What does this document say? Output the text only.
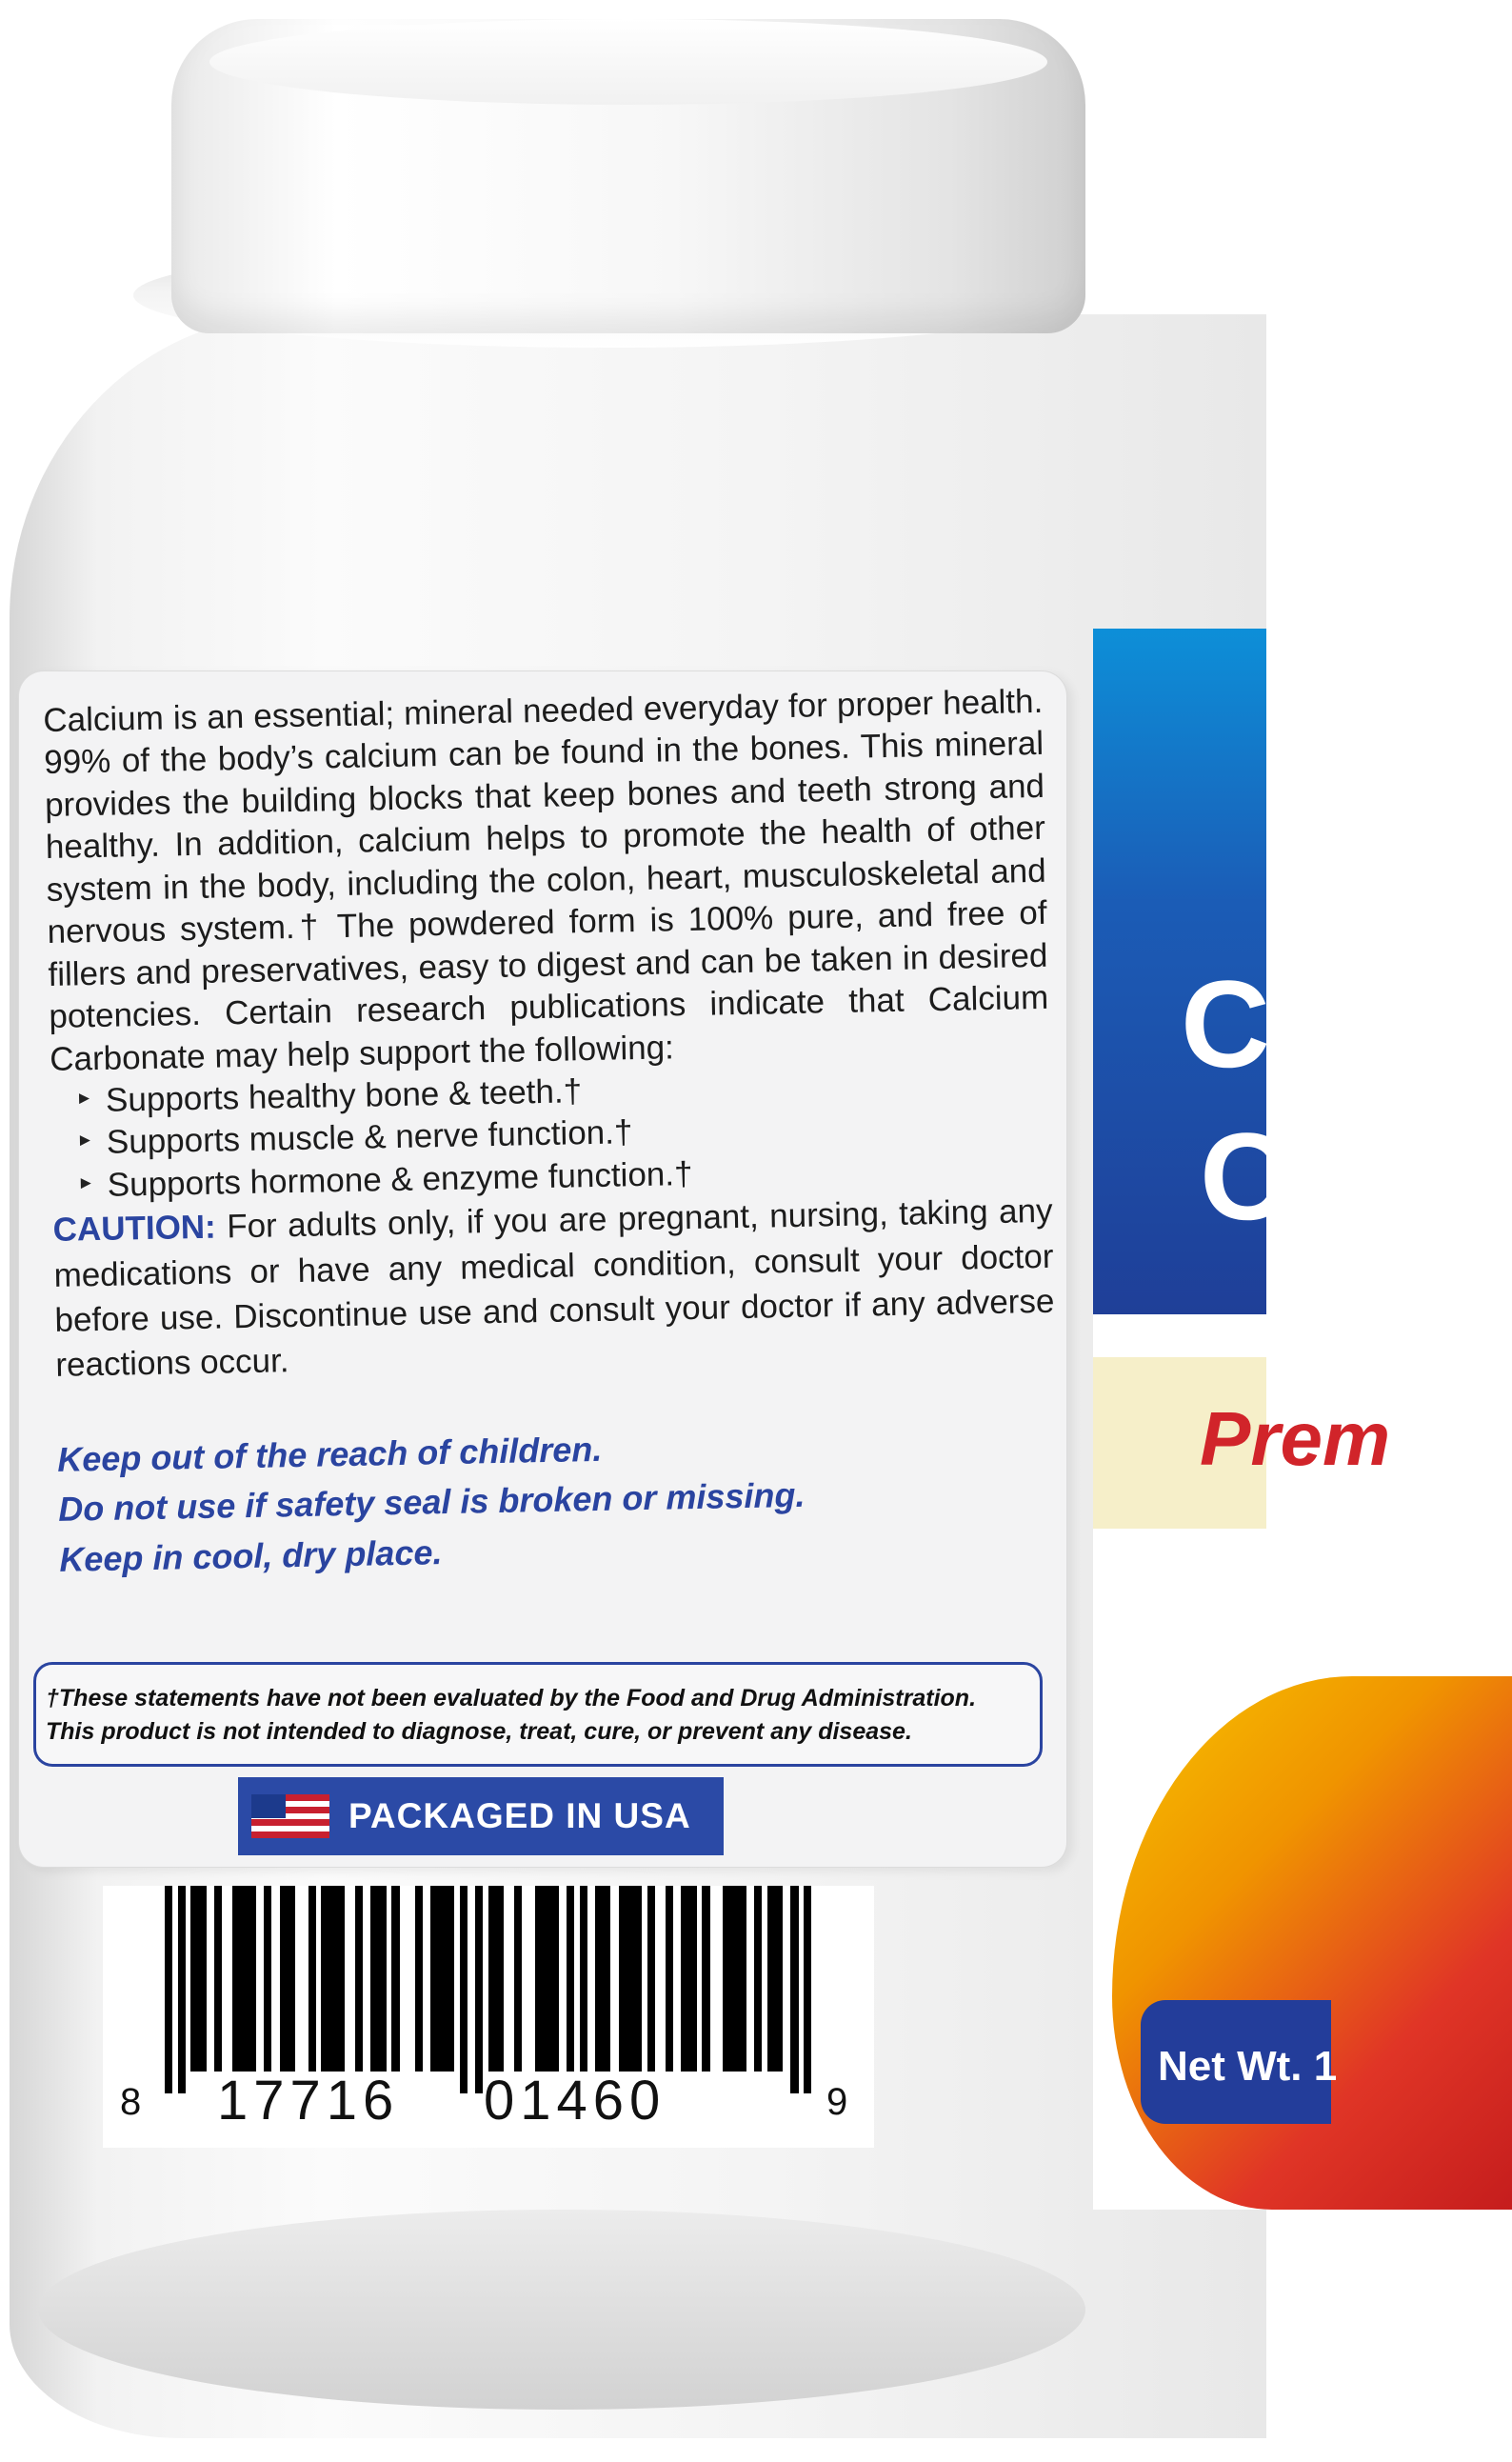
Calcium is an essential; mineral needed everyday for proper health. 99% of the body’s calcium can be found in the bones. This mineral provides the building blocks that keep bones and teeth strong and healthy. In addition, calcium helps to promote the health of other system in the body, including the colon, heart, musculoskeletal and nervous system.† The powdered form is 100% pure, and free of fillers and preservatives, easy to digest and can be taken in desired potencies. Certain research publications indicate that Calcium Carbonate may help support the following:

▸ Supports healthy bone & teeth.†
▸ Supports muscle & nerve function.†
▸ Supports hormone & enzyme function.†

CAUTION: For adults only, if you are pregnant, nursing, taking any medications or have any medical condition, consult your doctor before use. Discontinue use and consult your doctor if any adverse reactions occur.

Keep out of the reach of children.
Do not use if safety seal is broken or missing.
Keep in cool, dry place.
†These statements have not been evaluated by the Food and Drug Administration.
This product is not intended to diagnose, treat, cure, or prevent any disease.
PACKAGED IN USA
8 17716 01460	9
C
Ca
Prem
Net Wt. 1
